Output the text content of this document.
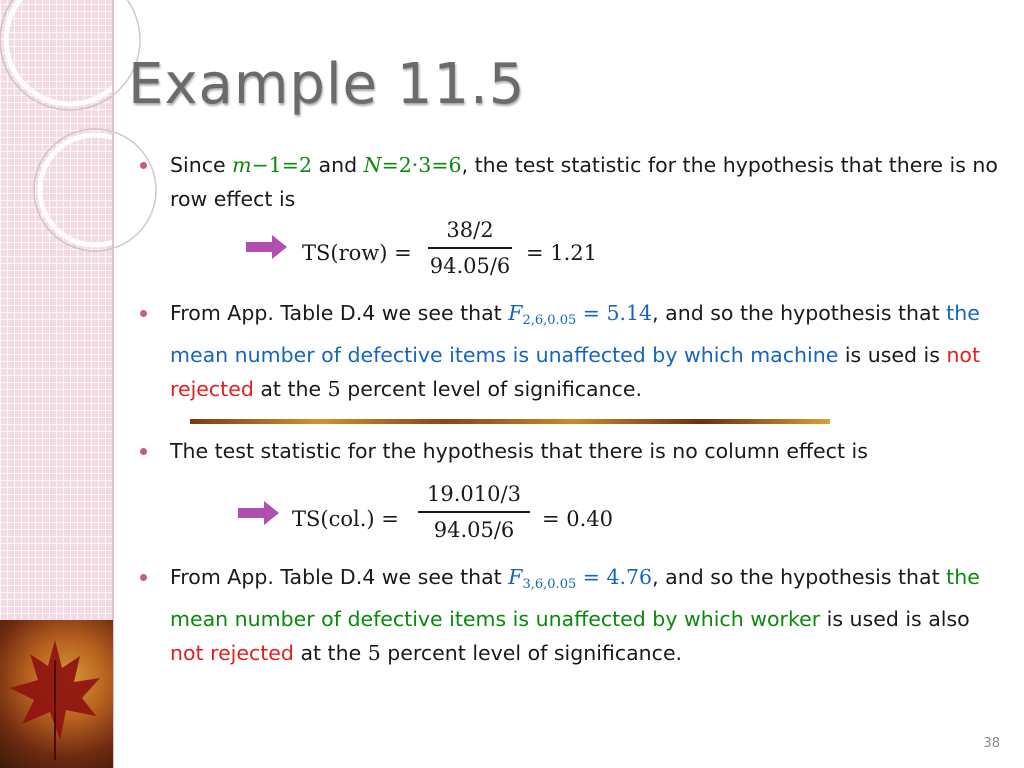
Example 11.5
Since m−1=2 and N=2·3=6, the test statistic for the hypothesis that there is no row effect is
TS(row) =
38/2
94.05/6
= 1.21
From App. Table D.4 we see that $F_{2,6,0.05} = 5.14$, and so the hypothesis that the mean number of defective items is unaffected by which machine is used is not rejected at the 5 percent level of significance.
The test statistic for the hypothesis that there is no column effect is
TS(col.) =
19.010/3
94.05/6	= 0.40
From App. Table D.4 we see that $F_{3,6,0.05} = 4.76$, and so the hypothesis that the mean number of defective items is unaffected by which worker is used is also not rejected at the 5 percent level of significance.
38
